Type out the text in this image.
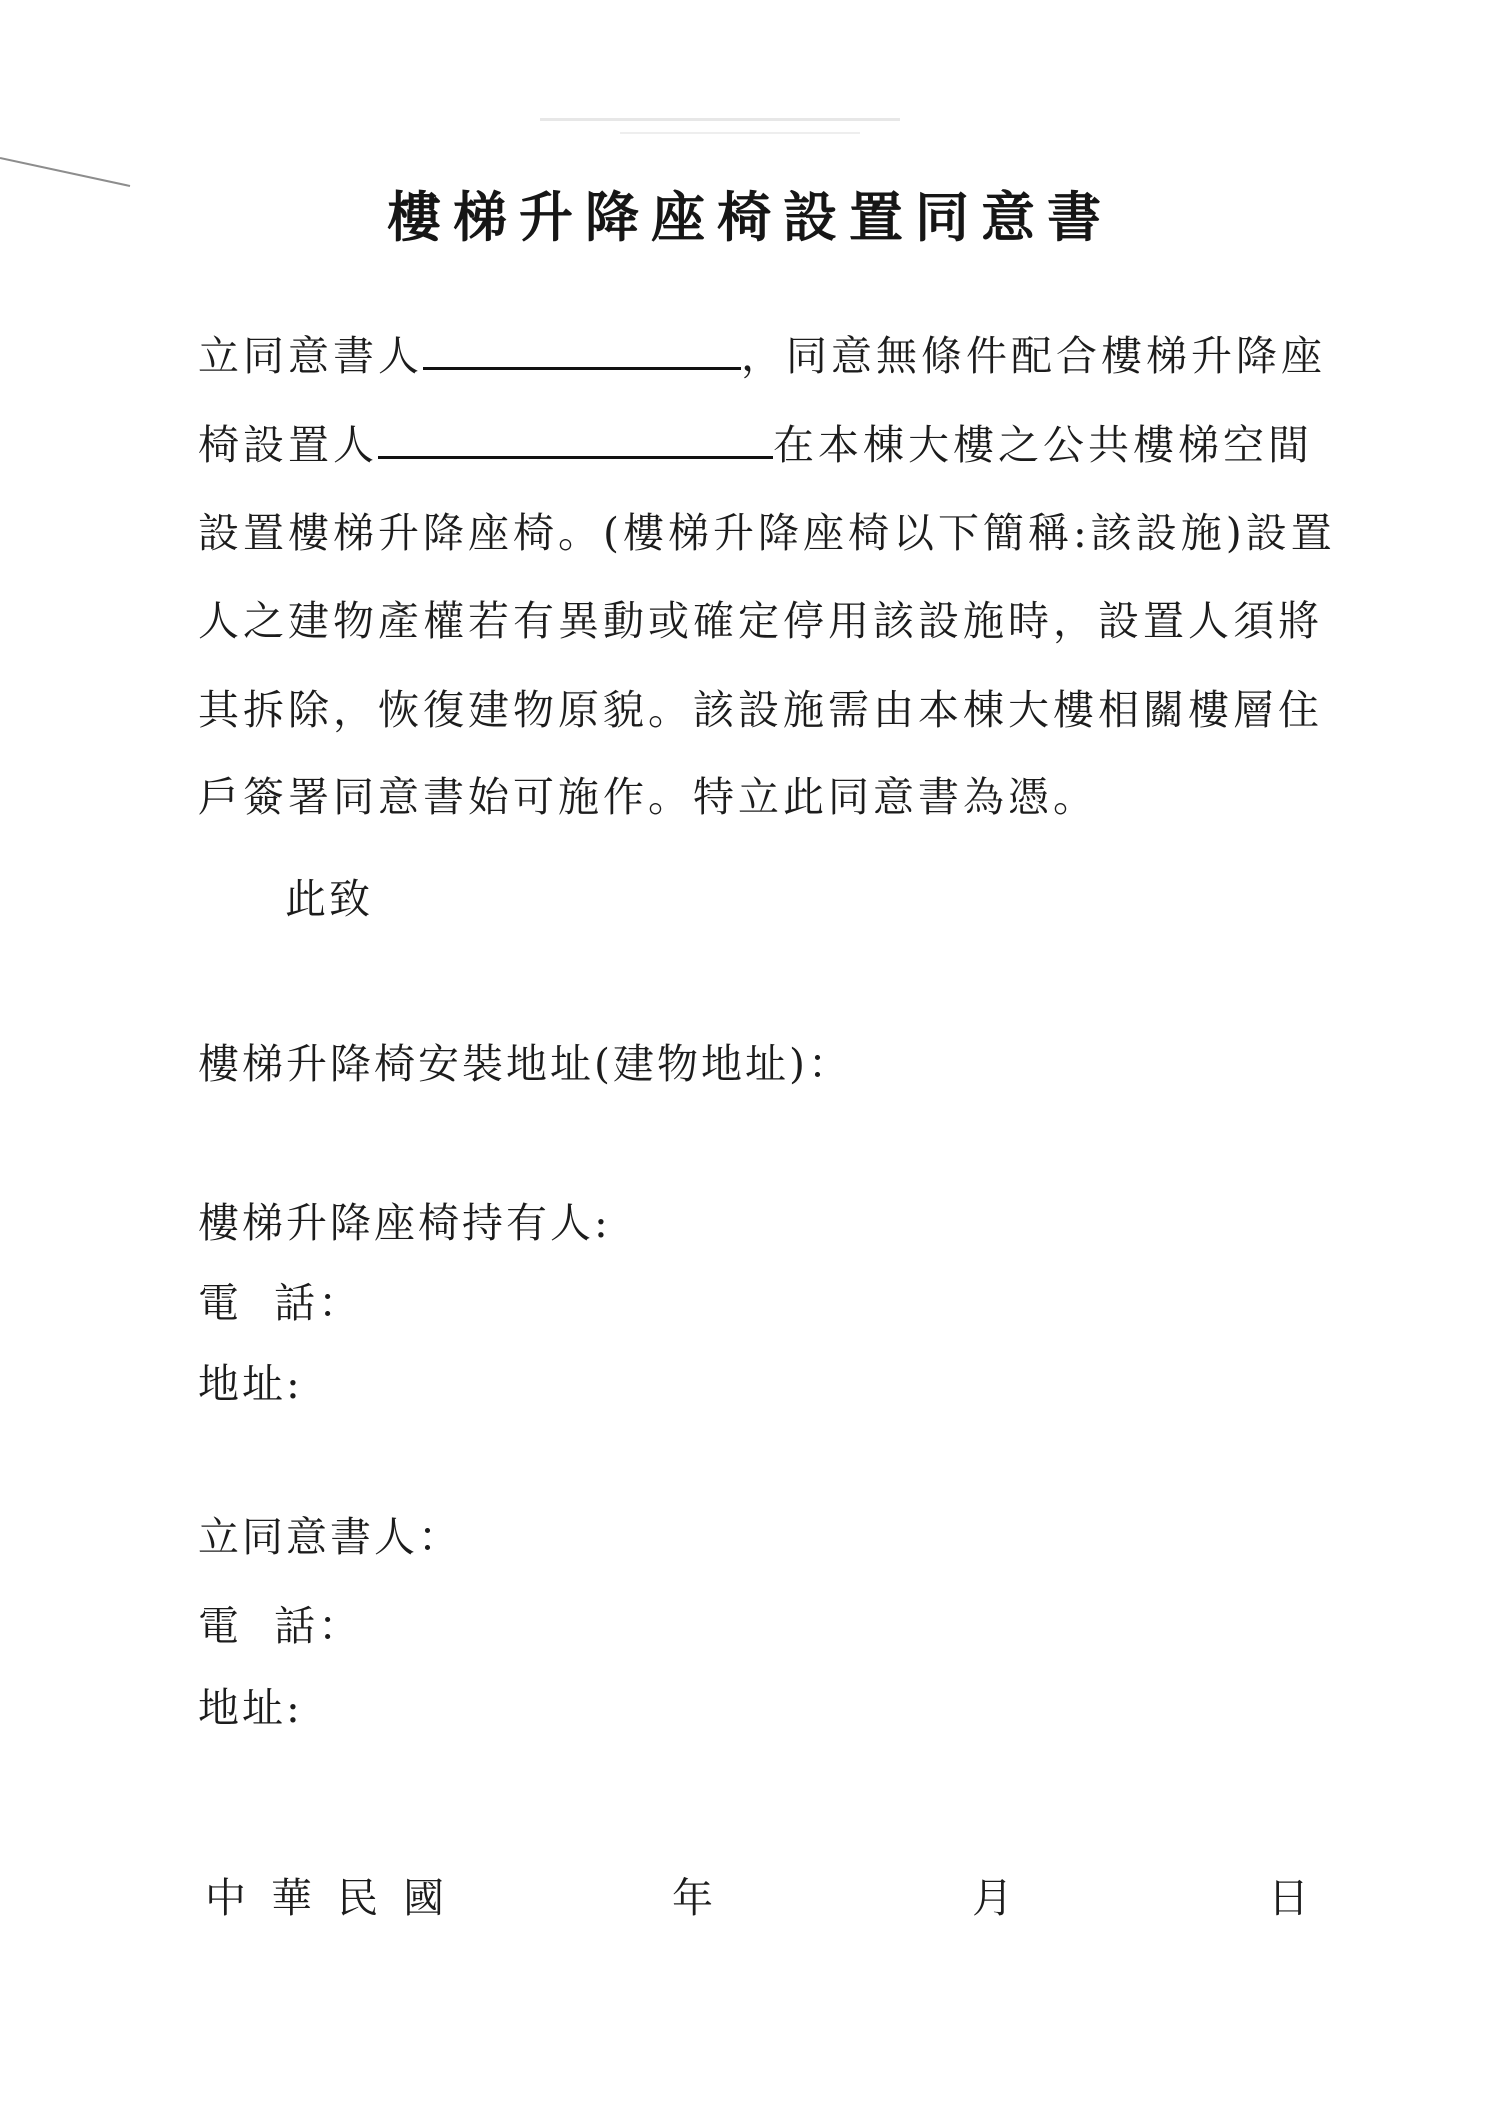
樓梯升降座椅設置同意書
立同意書人	，同意無條件配合樓梯升降座
椅設置人	在本棟大樓之公共樓梯空間
設置樓梯升降座椅。(樓梯升降座椅以下簡稱:該設施)設置
人之建物產權若有異動或確定停用該設施時，設置人須將
其拆除，恢復建物原貌。該設施需由本棟大樓相關樓層住
戶簽署同意書始可施作。特立此同意書為憑。
此致
樓梯升降椅安裝地址(建物地址)：
樓梯升降座椅持有人:
電  話：
地址:
立同意書人：
電  話：
地址:
中 華 民 國	年	月	日
